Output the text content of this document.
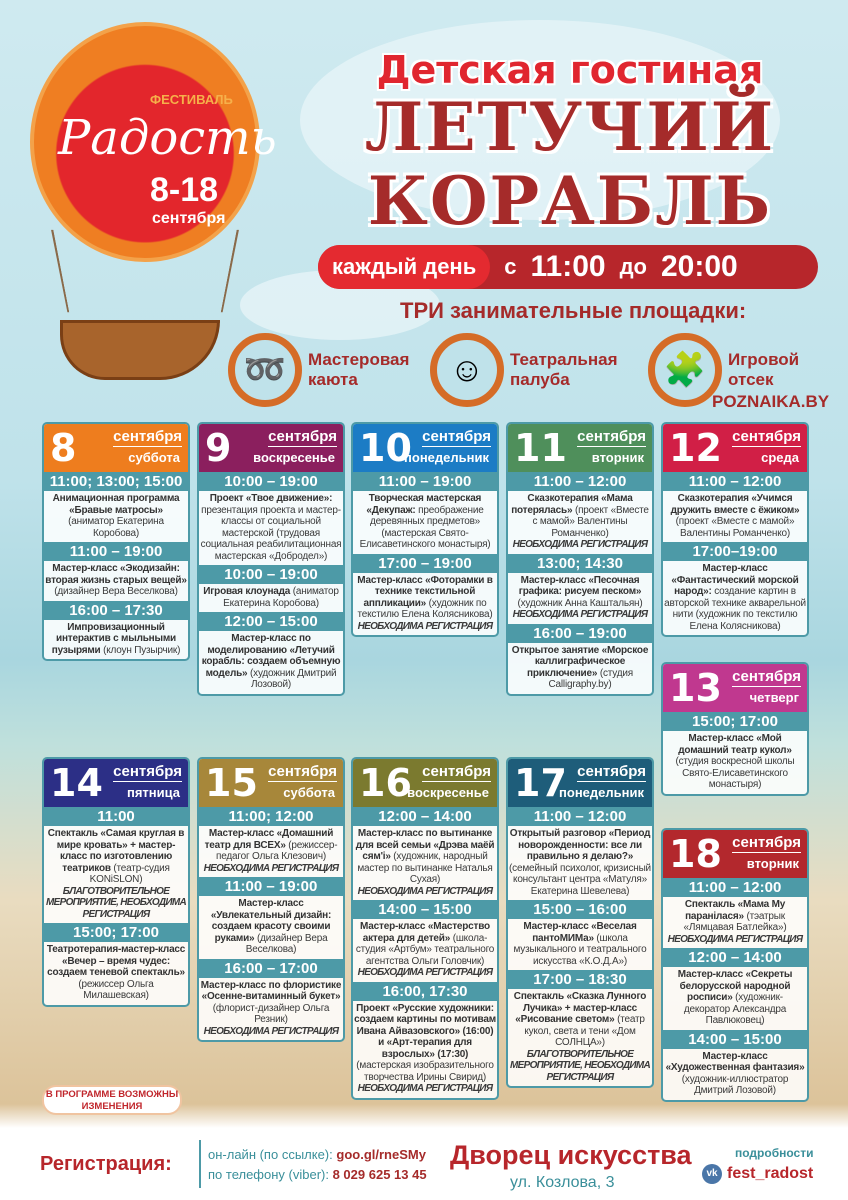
ФЕСТИВАЛЬ
Радость
8-18
сентября
Детская гостиная
ЛЕТУЧИЙ
КОРАБЛЬ
каждый день	с 11:00 до 20:00
ТРИ занимательные площадки:
➿	Мастеровая каюта	☺	Театральная палуба	🧩	Игровой отсек
POZNAIKA.BY
8 сентября
суббота
11:00; 13:00; 15:00
Анимационная программа «Бравые матросы» (аниматор Екатерина Коробова)
11:00 – 19:00
Мастер-класс «Экодизайн: вторая жизнь старых вещей» (дизайнер Вера Веселкова)
16:00 – 17:30
Импровизационный интерактив с мыльными пузырями (клоун Пузырчик)
9 сентября
воскресенье
10:00 – 19:00
Проект «Твое движение»: презентация проекта и мастер-классы от социальной мастерской (трудовая социальная реабилитационная мастерская «Добродел»)
10:00 – 19:00
Игровая клоунада (аниматор Екатерина Коробова)
12:00 – 15:00
Мастер-класс по моделированию «Летучий корабль: создаем объемную модель» (художник Дмитрий Лозовой)
10 сентября
понедельник
11:00 – 19:00
Творческая мастерская «Декупаж: преображение деревянных предметов» (мастерская Свято-Елисаветинского монастыря)
17:00 – 19:00
Мастер-класс «Фоторамки в технике текстильной аппликации» (художник по текстилю Елена Колясникова)
НЕОБХОДИМА РЕГИСТРАЦИЯ
11 сентября
вторник
11:00 – 12:00
Сказкотерапия «Мама потерялась» (проект «Вместе с мамой» Валентины Романченко)
НЕОБХОДИМА РЕГИСТРАЦИЯ
13:00; 14:30
Мастер-класс «Песочная графика: рисуем песком» (художник Анна Каштальян)
НЕОБХОДИМА РЕГИСТРАЦИЯ
16:00 – 19:00
Открытое занятие «Морское каллиграфическое приключение» (студия Calligraphy.by)
12 сентября
среда
11:00 – 12:00
Сказкотерапия «Учимся дружить вместе с ёжиком» (проект «Вместе с мамой» Валентины Романченко)
17:00–19:00
Мастер-класс «Фантастический морской народ»: создание картин в авторской технике акварельной нити (художник по текстилю Елена Колясникова)
13 сентября
четверг
15:00; 17:00
Мастер-класс «Мой домашний театр кукол» (студия воскресной школы Свято-Елисаветинского монастыря)
14 сентября
пятница
11:00
Спектакль «Самая круглая в мире кровать» + мастер-класс по изготовлению театриков (театр-судия KONiSLON)
БЛАГОТВОРИТЕЛЬНОЕ МЕРОПРИЯТИЕ, НЕОБХОДИМА РЕГИСТРАЦИЯ
15:00; 17:00
Театротерапия-мастер-класс «Вечер – время чудес: создаем теневой спектакль» (режиссер Ольга Милашевская)
15 сентября
суббота
11:00; 12:00
Мастер-класс «Домашний театр для ВСЕХ» (режиссер-педагог Ольга Клезович)
НЕОБХОДИМА РЕГИСТРАЦИЯ
11:00 – 19:00
Мастер-класс «Увлекательный дизайн: создаем красоту своими руками» (дизайнер Вера Веселкова)
16:00 – 17:00
Мастер-класс по флористике «Осенне-витаминный букет» (флорист-дизайнер Ольга Резник)
НЕОБХОДИМА РЕГИСТРАЦИЯ
16 сентября
воскресенье
12:00 – 14:00
Мастер-класс по вытинанке для всей семьи «Дрэва маёй сям'і» (художник, народный мастер по вытинанке Наталья Сухая)
НЕОБХОДИМА РЕГИСТРАЦИЯ
14:00 – 15:00
Мастер-класс «Мастерство актера для детей» (школа-студия «Артбум» театрального агентства Ольги Головчик)
НЕОБХОДИМА РЕГИСТРАЦИЯ
16:00, 17:30
Проект «Русские художники: создаем картины по мотивам Ивана Айвазовского» (16:00) и «Арт-терапия для взрослых» (17:30) (мастерская изобразительного творчества Ирины Свирид)
НЕОБХОДИМА РЕГИСТРАЦИЯ
17 сентября
понедельник
11:00 – 12:00
Открытый разговор «Период новорожденности: все ли правильно я делаю?» (семейный психолог, кризисный консультант центра «Матуля» Екатерина Шевелева)
15:00 – 16:00
Мастер-класс «Веселая пантоМИМа» (школа музыкального и театрального искусства «К.О.Д.А»)
17:00 – 18:30
Спектакль «Сказка Лунного Лучика» + мастер-класс «Рисование светом» (театр кукол, света и тени «Дом СОЛНЦА»)
БЛАГОТВОРИТЕЛЬНОЕ МЕРОПРИЯТИЕ, НЕОБХОДИМА РЕГИСТРАЦИЯ
18 сентября
вторник
11:00 – 12:00
Спектакль «Мама Му паранілася» (тэатрык «Лямцавая Батлейка»)
НЕОБХОДИМА РЕГИСТРАЦИЯ
12:00 – 14:00
Мастер-класс «Секреты белорусской народной росписи» (художник-декоратор Александра Павлюковец)
14:00 – 15:00
Мастер-класс «Художественная фантазия» (художник-иллюстратор Дмитрий Лозовой)
В ПРОГРАММЕ ВОЗМОЖНЫ ИЗМЕНЕНИЯ
Регистрация:	он-лайн (по ссылке): goo.gl/rneSMy
по телефону (viber): 8 029 625 13 45
Дворец искусства
ул. Козлова, 3
подробности
vk fest_radost
